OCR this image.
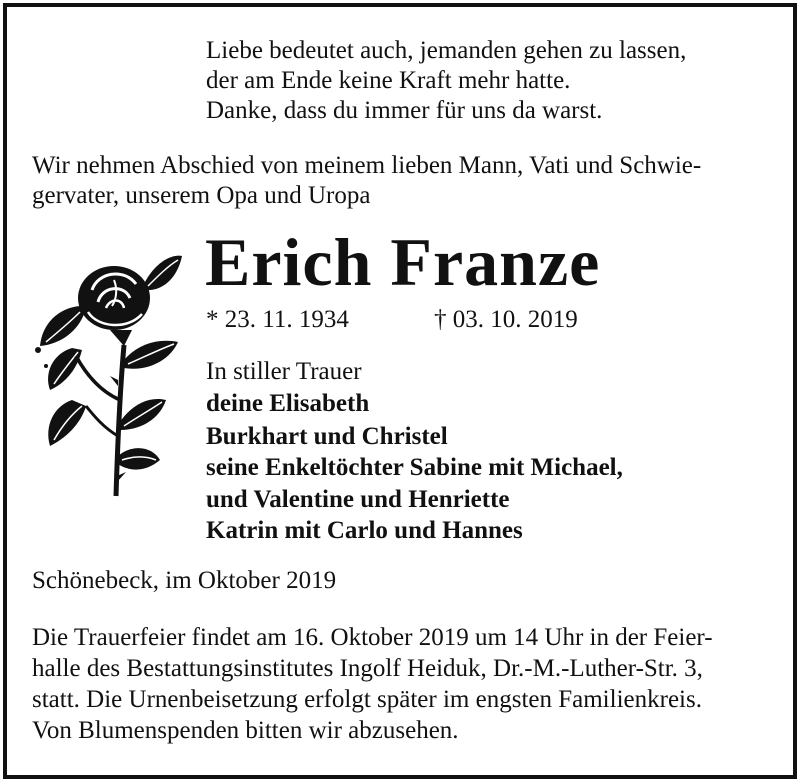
Liebe bedeutet auch, jemanden gehen zu lassen,
der am Ende keine Kraft mehr hatte.
Danke, dass du immer für uns da warst.
Wir nehmen Abschied von meinem lieben Mann, Vati und Schwie-
gervater, unserem Opa und Uropa
Erich Franze
* 23. 11. 1934	† 03. 10. 2019
In stiller Trauer
deine Elisabeth
Burkhart und Christel
seine Enkeltöchter Sabine mit Michael,
und Valentine und Henriette
Katrin mit Carlo und Hannes
Schönebeck, im Oktober 2019
Die Trauerfeier findet am 16. Oktober 2019 um 14 Uhr in der Feier-
halle des Bestattungsinstitutes Ingolf Heiduk, Dr.-M.-Luther-Str. 3,
statt. Die Urnenbeisetzung erfolgt später im engsten Familienkreis.
Von Blumenspenden bitten wir abzusehen.
